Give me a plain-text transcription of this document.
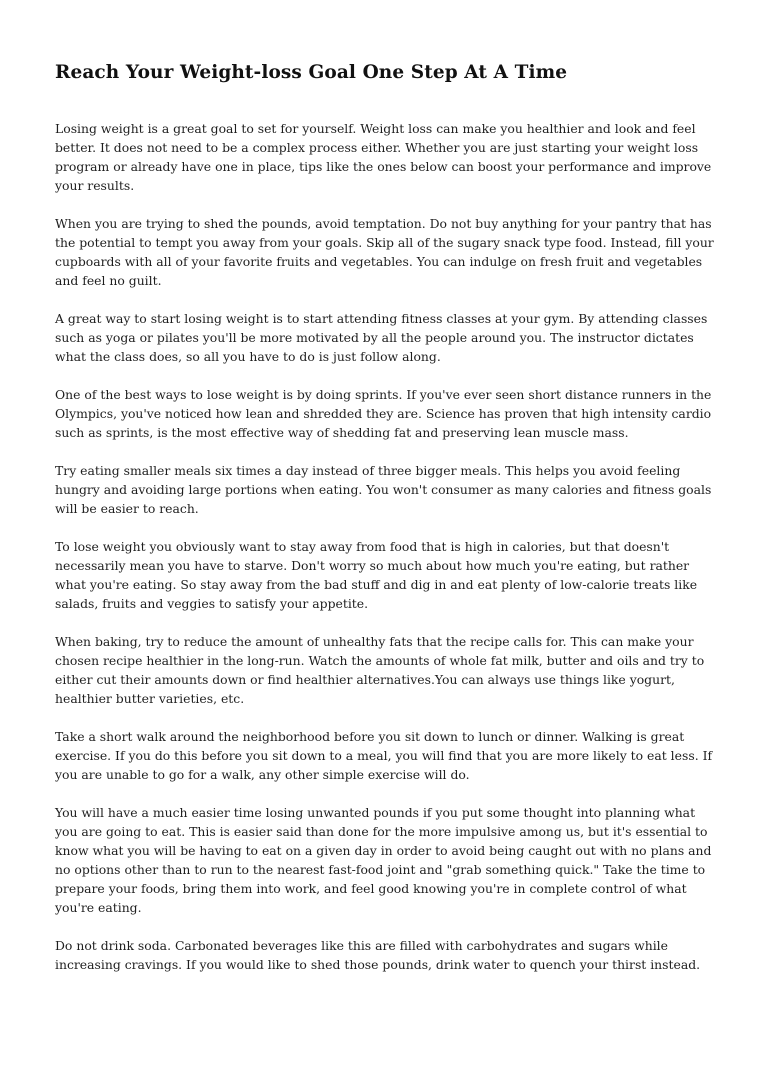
Reach Your Weight-loss Goal One Step At A Time

Losing weight is a great goal to set for yourself. Weight loss can make you healthier and look and feel better. It does not need to be a complex process either. Whether you are just starting your weight loss program or already have one in place, tips like the ones below can boost your performance and improve your results.

When you are trying to shed the pounds, avoid temptation. Do not buy anything for your pantry that has the potential to tempt you away from your goals. Skip all of the sugary snack type food. Instead, fill your cupboards with all of your favorite fruits and vegetables. You can indulge on fresh fruit and vegetables and feel no guilt.

A great way to start losing weight is to start attending fitness classes at your gym. By attending classes such as yoga or pilates you'll be more motivated by all the people around you. The instructor dictates what the class does, so all you have to do is just follow along.

One of the best ways to lose weight is by doing sprints. If you've ever seen short distance runners in the Olympics, you've noticed how lean and shredded they are. Science has proven that high intensity cardio such as sprints, is the most effective way of shedding fat and preserving lean muscle mass.

Try eating smaller meals six times a day instead of three bigger meals. This helps you avoid feeling hungry and avoiding large portions when eating. You won't consumer as many calories and fitness goals will be easier to reach.

To lose weight you obviously want to stay away from food that is high in calories, but that doesn't necessarily mean you have to starve. Don't worry so much about how much you're eating, but rather what you're eating. So stay away from the bad stuff and dig in and eat plenty of low-calorie treats like salads, fruits and veggies to satisfy your appetite.

When baking, try to reduce the amount of unhealthy fats that the recipe calls for. This can make your chosen recipe healthier in the long-run. Watch the amounts of whole fat milk, butter and oils and try to either cut their amounts down or find healthier alternatives.You can always use things like yogurt, healthier butter varieties, etc.

Take a short walk around the neighborhood before you sit down to lunch or dinner. Walking is great exercise. If you do this before you sit down to a meal, you will find that you are more likely to eat less. If you are unable to go for a walk, any other simple exercise will do.

You will have a much easier time losing unwanted pounds if you put some thought into planning what you are going to eat. This is easier said than done for the more impulsive among us, but it's essential to know what you will be having to eat on a given day in order to avoid being caught out with no plans and no options other than to run to the nearest fast-food joint and "grab something quick." Take the time to prepare your foods, bring them into work, and feel good knowing you're in complete control of what you're eating.

Do not drink soda. Carbonated beverages like this are filled with carbohydrates and sugars while increasing cravings. If you would like to shed those pounds, drink water to quench your thirst instead.
